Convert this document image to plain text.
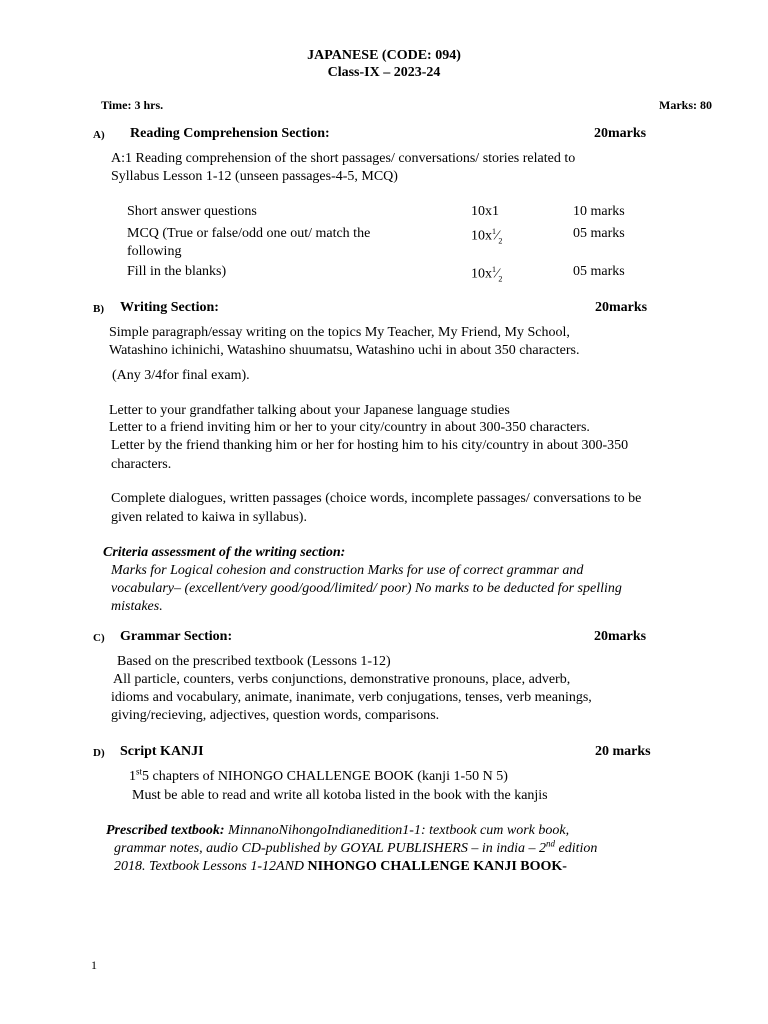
JAPANESE (CODE: 094)
Class-IX – 2023-24
Time: 3 hrs.	Marks: 80
A) Reading Comprehension Section:	20marks
A:1 Reading comprehension of the short passages/ conversations/ stories related to
Syllabus Lesson 1-12 (unseen passages-4-5, MCQ)
Short answer questions	10x1	10 marks
MCQ (True or false/odd one out/ match the
following
$10x^1⁄_2$	05 marks
Fill in the blanks)	$10x^1⁄_2$	05 marks
B) Writing Section:	20marks
Simple paragraph/essay writing on the topics My Teacher, My Friend, My School,
Watashino ichinichi, Watashino shuumatsu, Watashino uchi in about 350 characters.
(Any 3/4for final exam).
Letter to your grandfather talking about your Japanese language studies
Letter to a friend inviting him or her to your city/country in about 300-350 characters.
Letter by the friend thanking him or her for hosting him to his city/country in about 300-350
characters.
Complete dialogues, written passages (choice words, incomplete passages/ conversations to be
given related to kaiwa in syllabus).
Criteria assessment of the writing section:
Marks for Logical cohesion and construction Marks for use of correct grammar and
vocabulary– (excellent/very good/good/limited/ poor) No marks to be deducted for spelling
mistakes.
C) Grammar Section:	20marks
Based on the prescribed textbook (Lessons 1-12)
All particle, counters, verbs conjunctions, demonstrative pronouns, place, adverb,
idioms and vocabulary, animate, inanimate, verb conjugations, tenses, verb meanings,
giving/recieving, adjectives, question words, comparisons.
D) Script KANJI	20 marks
1st5 chapters of NIHONGO CHALLENGE BOOK (kanji 1-50 N 5)
Must be able to read and write all kotoba listed in the book with the kanjis
Prescribed textbook: MinnanoNihongoIndianedition1-1: textbook cum work book,
grammar notes, audio CD-published by GOYAL PUBLISHERS – in india – 2nd edition
2018. Textbook Lessons 1-12AND NIHONGO CHALLENGE KANJI BOOK-
1
